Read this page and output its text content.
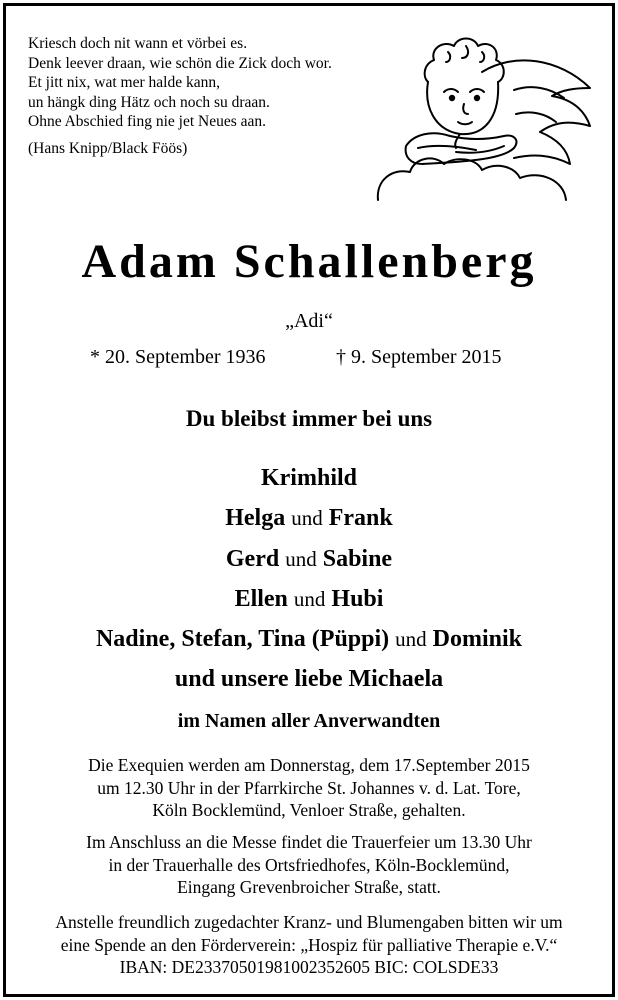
Kriesch doch nit wann et vörbei es.
Denk leever draan, wie schön die Zick doch wor.
Et jitt nix, wat mer halde kann,
un hängk ding Hätz och noch su draan.
Ohne Abschied fing nie jet Neues aan.
(Hans Knipp/Black Föös)
Adam Schallenberg
„Adi“
* 20. September 1936	† 9. September 2015
Du bleibst immer bei uns
Krimhild
Helga und Frank
Gerd und Sabine
Ellen und Hubi
Nadine, Stefan, Tina (Püppi) und Dominik
und unsere liebe Michaela
im Namen aller Anverwandten
Die Exequien werden am Donnerstag, dem 17.September 2015
um 12.30 Uhr in der Pfarrkirche St. Johannes v. d. Lat. Tore,
Köln Bocklemünd, Venloer Straße, gehalten.
Im Anschluss an die Messe findet die Trauerfeier um 13.30 Uhr
in der Trauerhalle des Ortsfriedhofes, Köln-Bocklemünd,
Eingang Grevenbroicher Straße, statt.
Anstelle freundlich zugedachter Kranz- und Blumengaben bitten wir um
eine Spende an den Förderverein: „Hospiz für palliative Therapie e.V.“
IBAN: DE23370501981002352605 BIC: COLSDE33
